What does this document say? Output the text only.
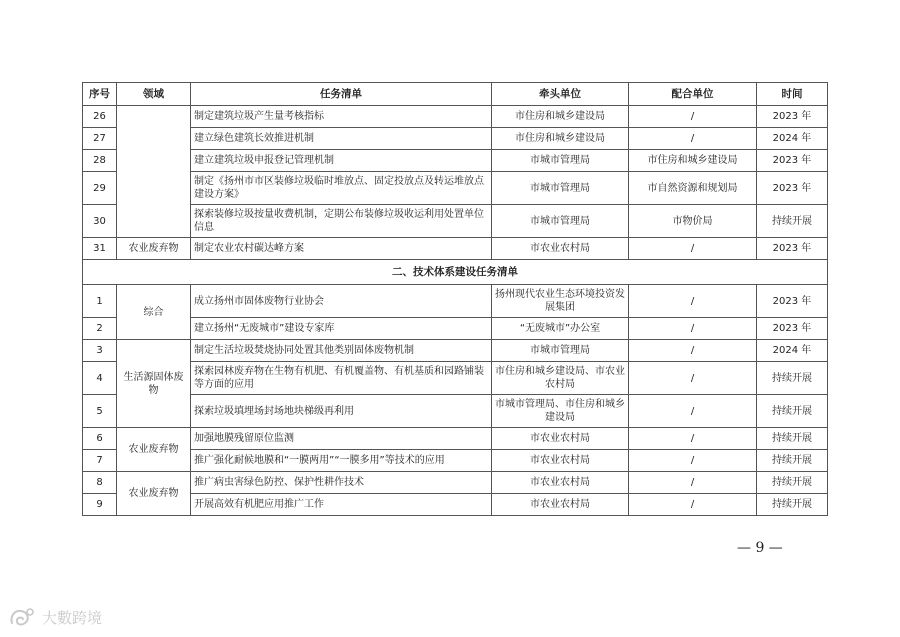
序号	领域	任务清单	牵头单位	配合单位	时间
26		制定建筑垃圾产生量考核指标	市住房和城乡建设局	/	2023 年
27		建立绿色建筑长效推进机制	市住房和城乡建设局	/	2024 年
28		建立建筑垃圾申报登记管理机制	市城市管理局	市住房和城乡建设局	2023 年
29		制定《扬州市市区装修垃圾临时堆放点、固定投放点及转运堆放点建设方案》	市城市管理局	市自然资源和规划局	2023 年
30		探索装修垃圾按量收费机制，定期公布装修垃圾收运利用处置单位信息	市城市管理局	市物价局	持续开展
31	农业废弃物	制定农业农村碳达峰方案	市农业农村局	/	2023 年
二、技术体系建设任务清单					
1	综合	成立扬州市固体废物行业协会	扬州现代农业生态环境投资发展集团	/	2023 年
2		建立扬州“无废城市”建设专家库	“无废城市”办公室	/	2023 年
3	生活源固体废物	制定生活垃圾焚烧协同处置其他类别固体废物机制	市城市管理局	/	2024 年
4		探索园林废弃物在生物有机肥、有机覆盖物、有机基质和园路铺装等方面的应用	市住房和城乡建设局、市农业农村局	/	持续开展
5		探索垃圾填埋场封场地块梯级再利用	市城市管理局、市住房和城乡建设局	/	持续开展
6	农业废弃物	加强地膜残留原位监测	市农业农村局	/	持续开展
7		推广强化耐候地膜和“一膜两用”“一膜多用”等技术的应用	市农业农村局	/	持续开展
8	农业废弃物	推广病虫害绿色防控、保护性耕作技术	市农业农村局	/	持续开展
9		开展高效有机肥应用推广工作	市农业农村局	/	持续开展
— 9 —
大數跨境
